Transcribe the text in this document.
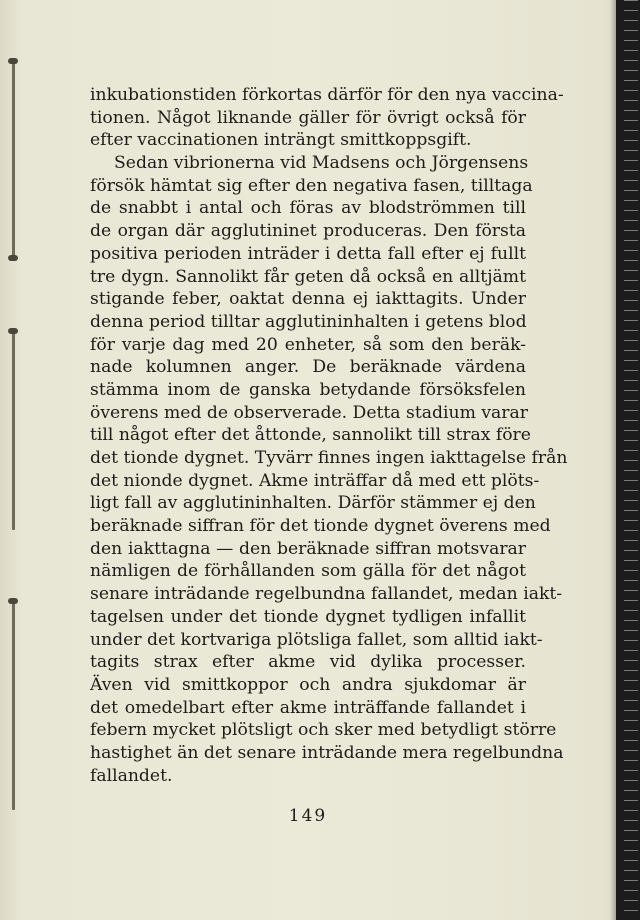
inkubationstiden förkortas därför för den nya vaccina-
tionen. Något liknande gäller för övrigt också för
efter vaccinationen inträngt smittkoppsgift.
Sedan vibrionerna vid Madsens och Jörgensens
försök hämtat sig efter den negativa fasen, tilltaga
de snabbt i antal och föras av blodströmmen till
de organ där agglutininet produceras. Den första
positiva perioden inträder i detta fall efter ej fullt
tre dygn. Sannolikt får geten då också en alltjämt
stigande feber, oaktat denna ej iakttagits. Under
denna period tilltar agglutininhalten i getens blod
för varje dag med 20 enheter, så som den beräk-
nade kolumnen anger. De beräknade värdena
stämma inom de ganska betydande försöksfelen
överens med de observerade. Detta stadium varar
till något efter det åttonde, sannolikt till strax före
det tionde dygnet. Tyvärr finnes ingen iakttagelse från
det nionde dygnet. Akme inträffar då med ett plöts-
ligt fall av agglutininhalten. Därför stämmer ej den
beräknade siffran för det tionde dygnet överens med
den iakttagna — den beräknade siffran motsvarar
nämligen de förhållanden som gälla för det något
senare inträdande regelbundna fallandet, medan iakt-
tagelsen under det tionde dygnet tydligen infallit
under det kortvariga plötsliga fallet, som alltid iakt-
tagits strax efter akme vid dylika processer.
Även vid smittkoppor och andra sjukdomar är
det omedelbart efter akme inträffande fallandet i
febern mycket plötsligt och sker med betydligt större
hastighet än det senare inträdande mera regelbundna
fallandet.
149
